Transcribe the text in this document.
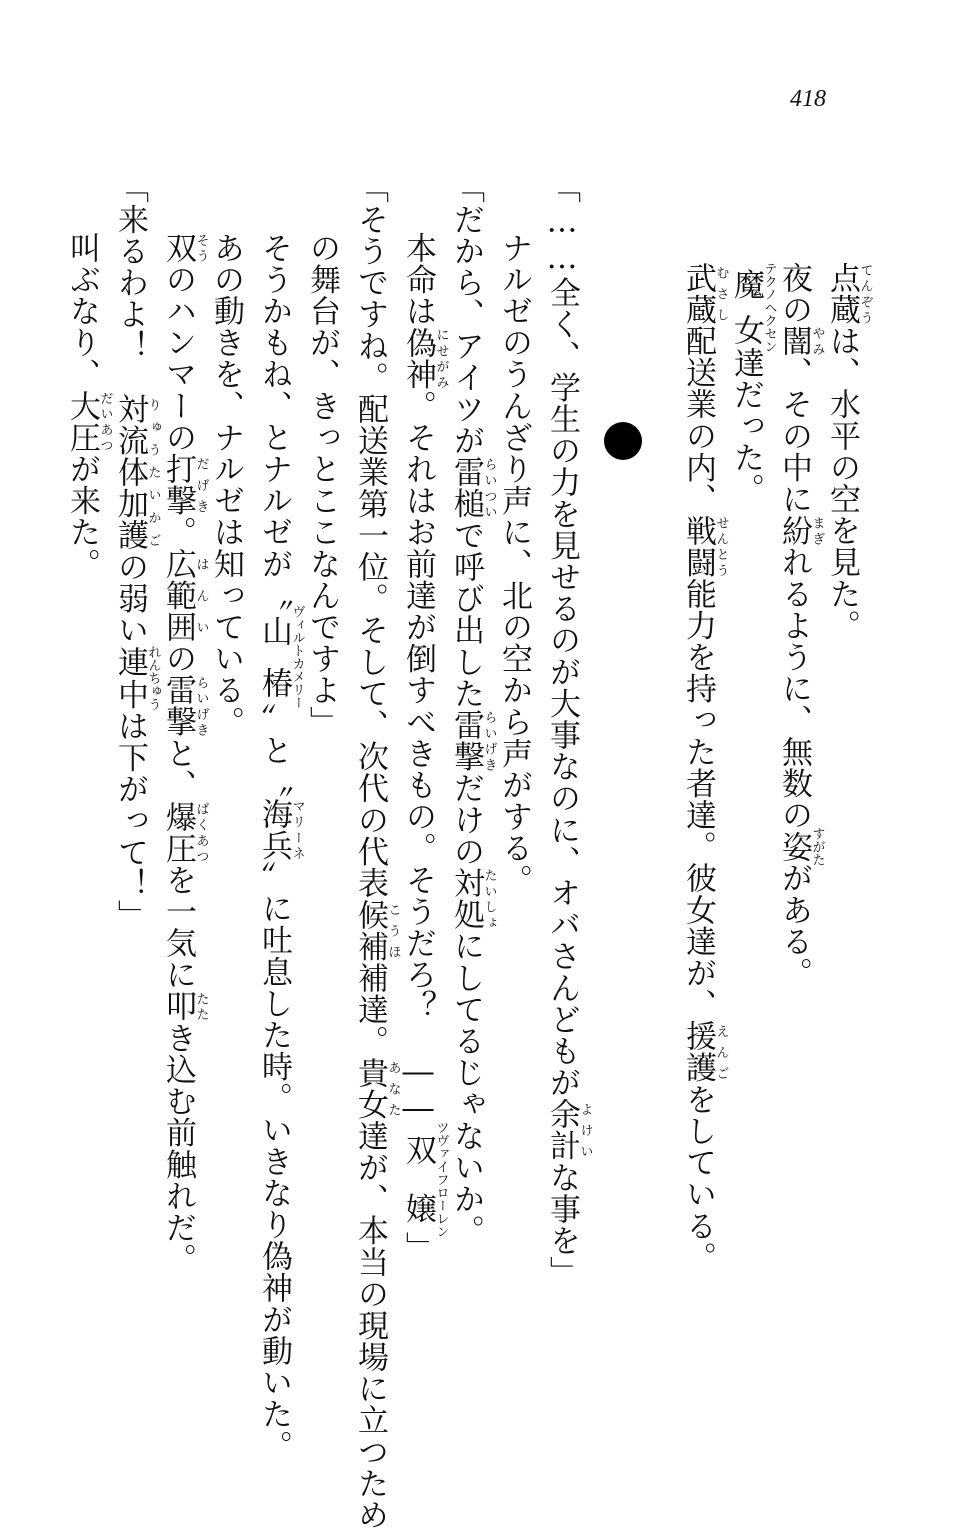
418
点蔵てんぞうは、水平の空を見た。
夜の闇やみ、その中に紛まぎれるように、無数の姿すがたがある。
魔女テクノヘクセン達だった。
武蔵むさし配送業の内、戦闘せんとう能力を持った者達。彼女達が、援護えんごをしている。
「……全く、学生の力を見せるのが大事なのに、オバさんどもが余計よけいな事を」
ナルゼのうんざり声に、北の空から声がする。
「だから、アイツが雷槌らいついで呼び出した雷撃らいげきだけの対処たいしょにしてるじゃないか。
本命は偽神にせがみ。それはお前達が倒すべきもの。そうだろ？　――双嬢ツヴァイフローレン」
「そうですね。配送業第一位。そして、次代の代表候補こうほ補達。貴女あなた達が、本当の現場に立つため
の舞台が、きっとここなんですよ」
そうかもね、とナルゼが〝山椿ヴィルトカメリー〟と〝海兵マリーネ〟に吐息した時。いきなり偽神が動いた。
あの動きを、ナルゼは知っている。
双そうのハンマーの打撃だげき。広範囲はんいの雷撃らいげきと、爆圧ばくあつを一気に叩たたき込む前触れだ。
「来るわよ！　対流体加護りゅうたいかごの弱い連中れんちゅうは下がって！」
叫ぶなり、大圧だいあつが来た。
